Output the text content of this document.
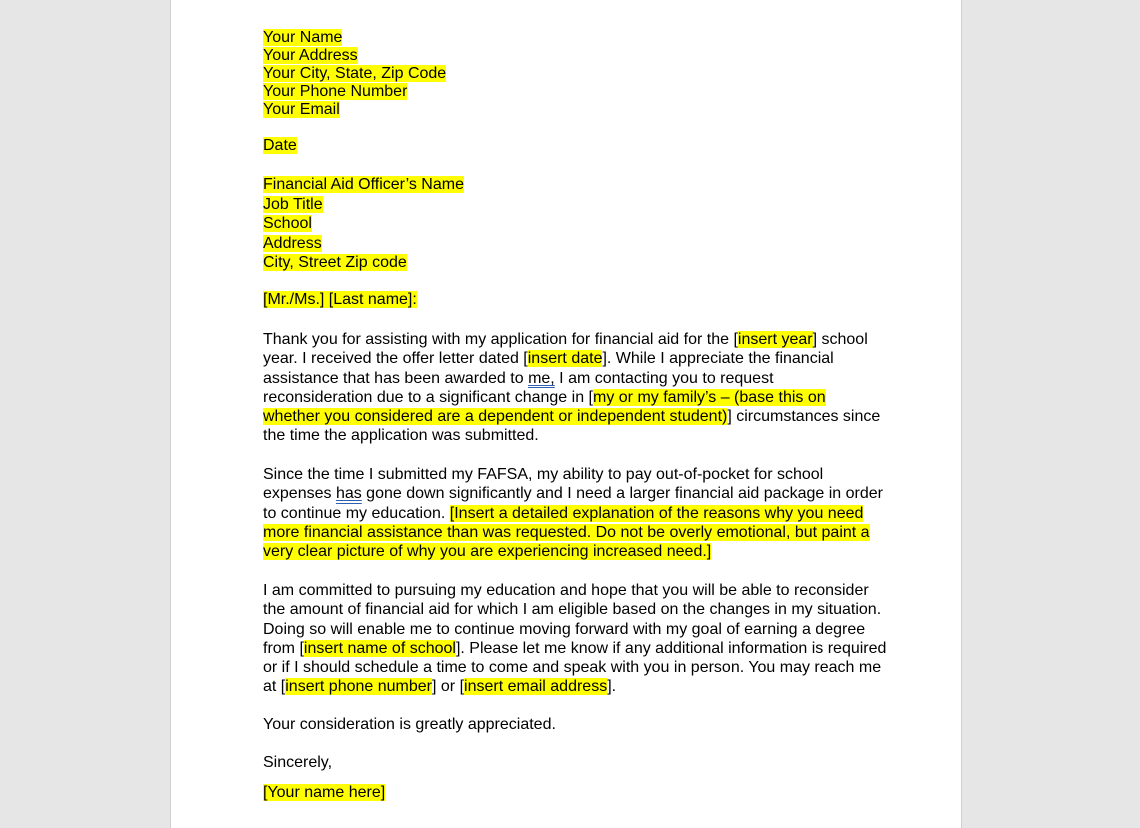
Your Name
Your Address
Your City, State, Zip Code
Your Phone Number
Your Email
Date
Financial Aid Officer’s Name
Job Title
School
Address
City, Street Zip code
[Mr./Ms.] [Last name]:
Thank you for assisting with my application for financial aid for the [insert year] school
year. I received the offer letter dated [insert date]. While I appreciate the financial
assistance that has been awarded to me, I am contacting you to request
reconsideration due to a significant change in [my or my family’s – (base this on
whether you considered are a dependent or independent student)] circumstances since
the time the application was submitted.
Since the time I submitted my FAFSA, my ability to pay out-of-pocket for school
expenses has gone down significantly and I need a larger financial aid package in order
to continue my education. [Insert a detailed explanation of the reasons why you need
more financial assistance than was requested. Do not be overly emotional, but paint a
very clear picture of why you are experiencing increased need.]
I am committed to pursuing my education and hope that you will be able to reconsider
the amount of financial aid for which I am eligible based on the changes in my situation.
Doing so will enable me to continue moving forward with my goal of earning a degree
from [insert name of school]. Please let me know if any additional information is required
or if I should schedule a time to come and speak with you in person. You may reach me
at [insert phone number] or [insert email address].
Your consideration is greatly appreciated.
Sincerely,
[Your name here]
